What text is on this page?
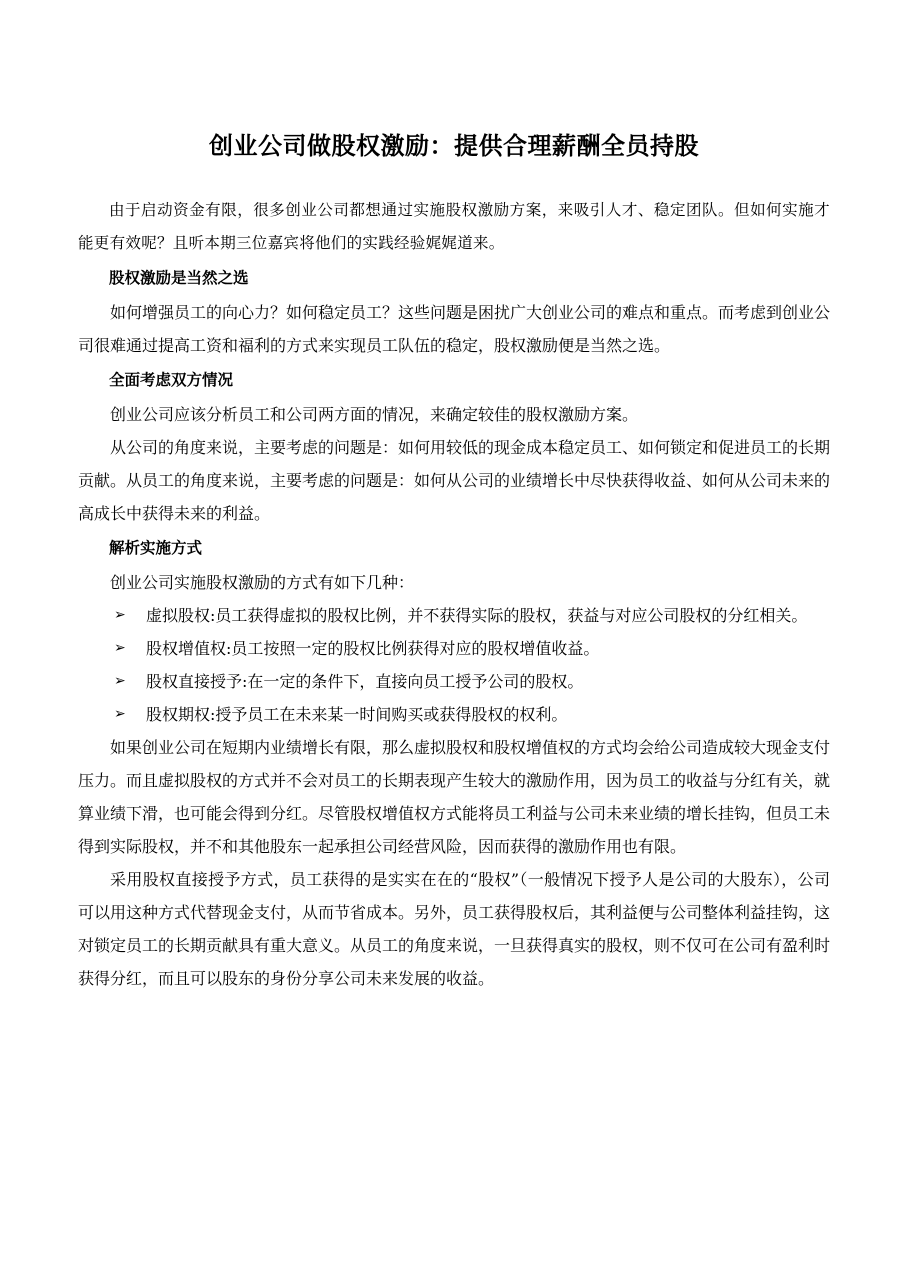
创业公司做股权激励：提供合理薪酬全员持股

由于启动资金有限，很多创业公司都想通过实施股权激励方案，来吸引人才、稳定团队。但如何实施才能更有效呢？且听本期三位嘉宾将他们的实践经验娓娓道来。

股权激励是当然之选

如何增强员工的向心力？如何稳定员工？这些问题是困扰广大创业公司的难点和重点。而考虑到创业公司很难通过提高工资和福利的方式来实现员工队伍的稳定，股权激励便是当然之选。

全面考虑双方情况

创业公司应该分析员工和公司两方面的情况，来确定较佳的股权激励方案。

从公司的角度来说，主要考虑的问题是：如何用较低的现金成本稳定员工、如何锁定和促进员工的长期贡献。从员工的角度来说，主要考虑的问题是：如何从公司的业绩增长中尽快获得收益、如何从公司未来的高成长中获得未来的利益。

解析实施方式

创业公司实施股权激励的方式有如下几种：

➢ 虚拟股权:员工获得虚拟的股权比例，并不获得实际的股权，获益与对应公司股权的分红相关。
➢ 股权增值权:员工按照一定的股权比例获得对应的股权增值收益。
➢ 股权直接授予:在一定的条件下，直接向员工授予公司的股权。
➢ 股权期权:授予员工在未来某一时间购买或获得股权的权利。

如果创业公司在短期内业绩增长有限，那么虚拟股权和股权增值权的方式均会给公司造成较大现金支付压力。而且虚拟股权的方式并不会对员工的长期表现产生较大的激励作用，因为员工的收益与分红有关，就算业绩下滑，也可能会得到分红。尽管股权增值权方式能将员工利益与公司未来业绩的增长挂钩，但员工未得到实际股权，并不和其他股东一起承担公司经营风险，因而获得的激励作用也有限。

采用股权直接授予方式，员工获得的是实实在在的“股权”（一般情况下授予人是公司的大股东），公司可以用这种方式代替现金支付，从而节省成本。另外，员工获得股权后，其利益便与公司整体利益挂钩，这对锁定员工的长期贡献具有重大意义。从员工的角度来说，一旦获得真实的股权，则不仅可在公司有盈利时获得分红，而且可以股东的身份分享公司未来发展的收益。
